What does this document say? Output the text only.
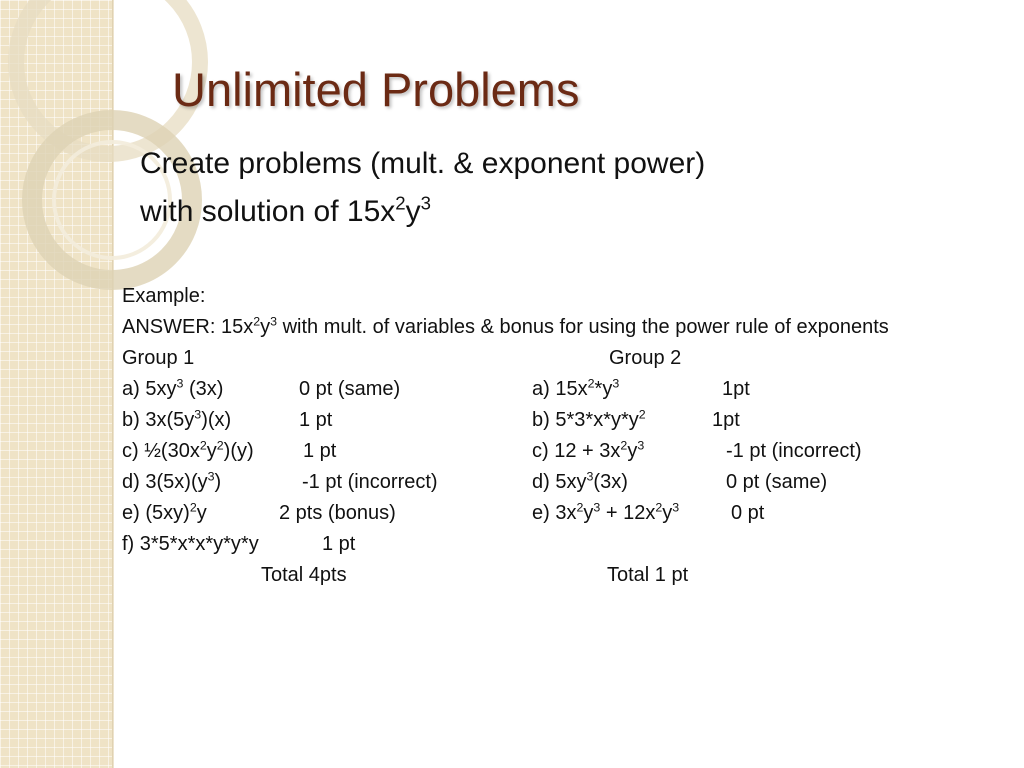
Unlimited Problems
Create problems (mult. & exponent power)
with solution of $15x^2y^3$
Example:
ANSWER: $15x^2y^3$ with mult. of variables & bonus for using the power rule of exponents
Group 1	Group 2
a) $5xy^3$ (3x)	0 pt (same)	a) $15x^2*y^3$	1pt
b) $3x(5y^3)(x)$	1 pt	b) $5*3*x*y*y^2$	1pt
c) $\frac{1}{2}(30x^2y^2)(y)$ 1 pt	c) $12 + 3x^2y^3$	-1 pt (incorrect)
d) $3(5x)(y^3)$	-1 pt (incorrect)	d) $5xy^3(3x)$	0 pt (same)
e) $(5xy)^2y$	2 pts (bonus)	e) $3x^2y^3 + 12x^2y^3$	0 pt
f) 3*5*x*x*y*y*y	1 pt
Total 4pts	Total 1 pt
